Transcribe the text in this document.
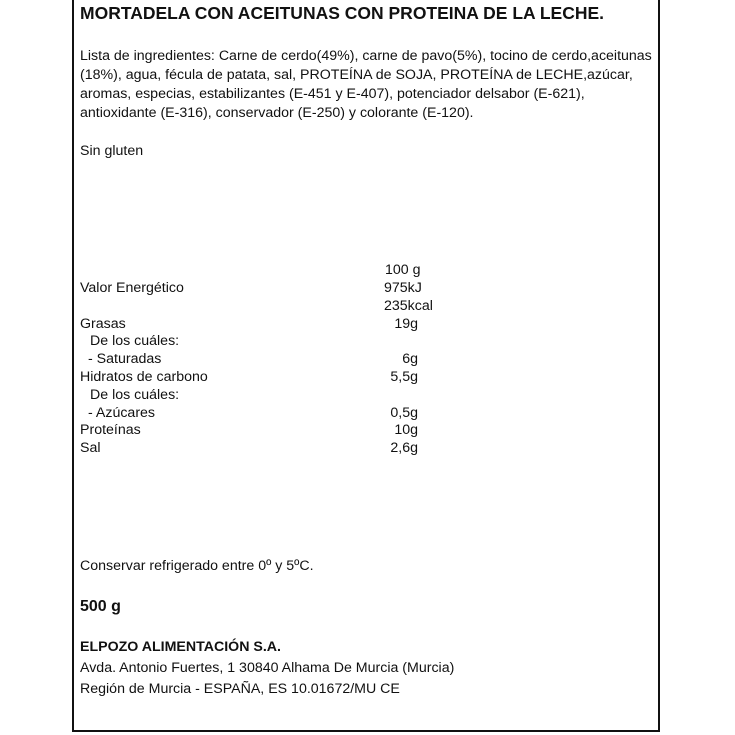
MORTADELA CON ACEITUNAS CON PROTEINA DE LA LECHE.
Lista de ingredientes: Carne de cerdo(49%), carne de pavo(5%), tocino de cerdo,aceitunas (18%), agua, fécula de patata, sal, PROTEÍNA de SOJA, PROTEÍNA de LECHE,azúcar, aromas, especias, estabilizantes (E-451 y E-407), potenciador delsabor (E-621), antioxidante (E-316), conservador (E-250) y colorante (E-120).
Sin gluten
100 g
Valor Energético	975kJ
235kcal
Grasas	19g
De los cuáles:
- Saturadas	6g
Hidratos de carbono	5,5g
De los cuáles:
- Azúcares	0,5g
Proteínas	10g
Sal	2,6g
Conservar refrigerado entre 0º y 5ºC.
500 g
ELPOZO ALIMENTACIÓN S.A.
Avda. Antonio Fuertes, 1 30840 Alhama De Murcia (Murcia)
Región de Murcia - ESPAÑA, ES 10.01672/MU CE
